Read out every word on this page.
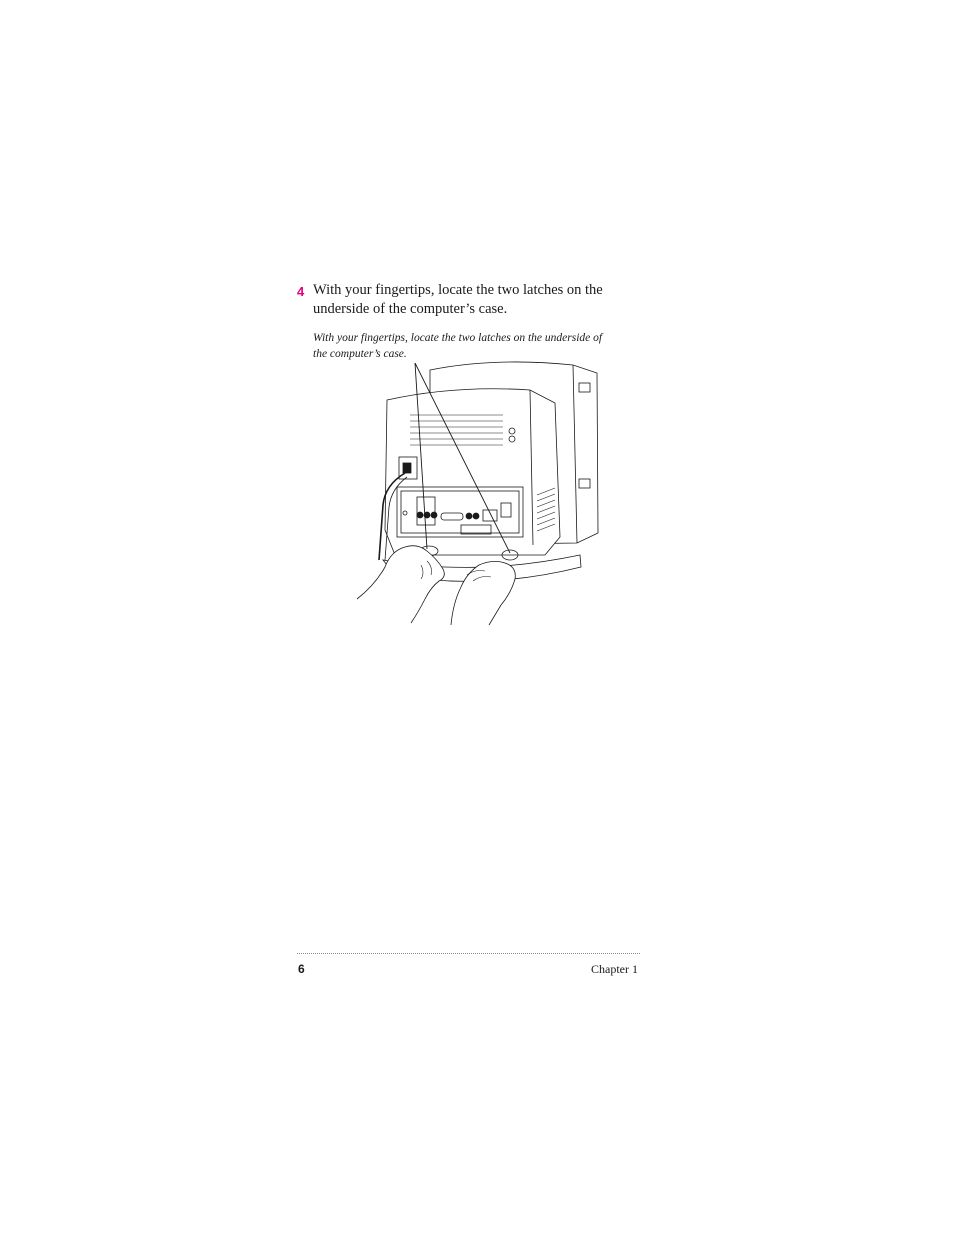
4 With your fingertips, locate the two latches on the underside of the computer’s case.
With your fingertips, locate the two latches on the underside of the computer’s case.
6	Chapter 1
